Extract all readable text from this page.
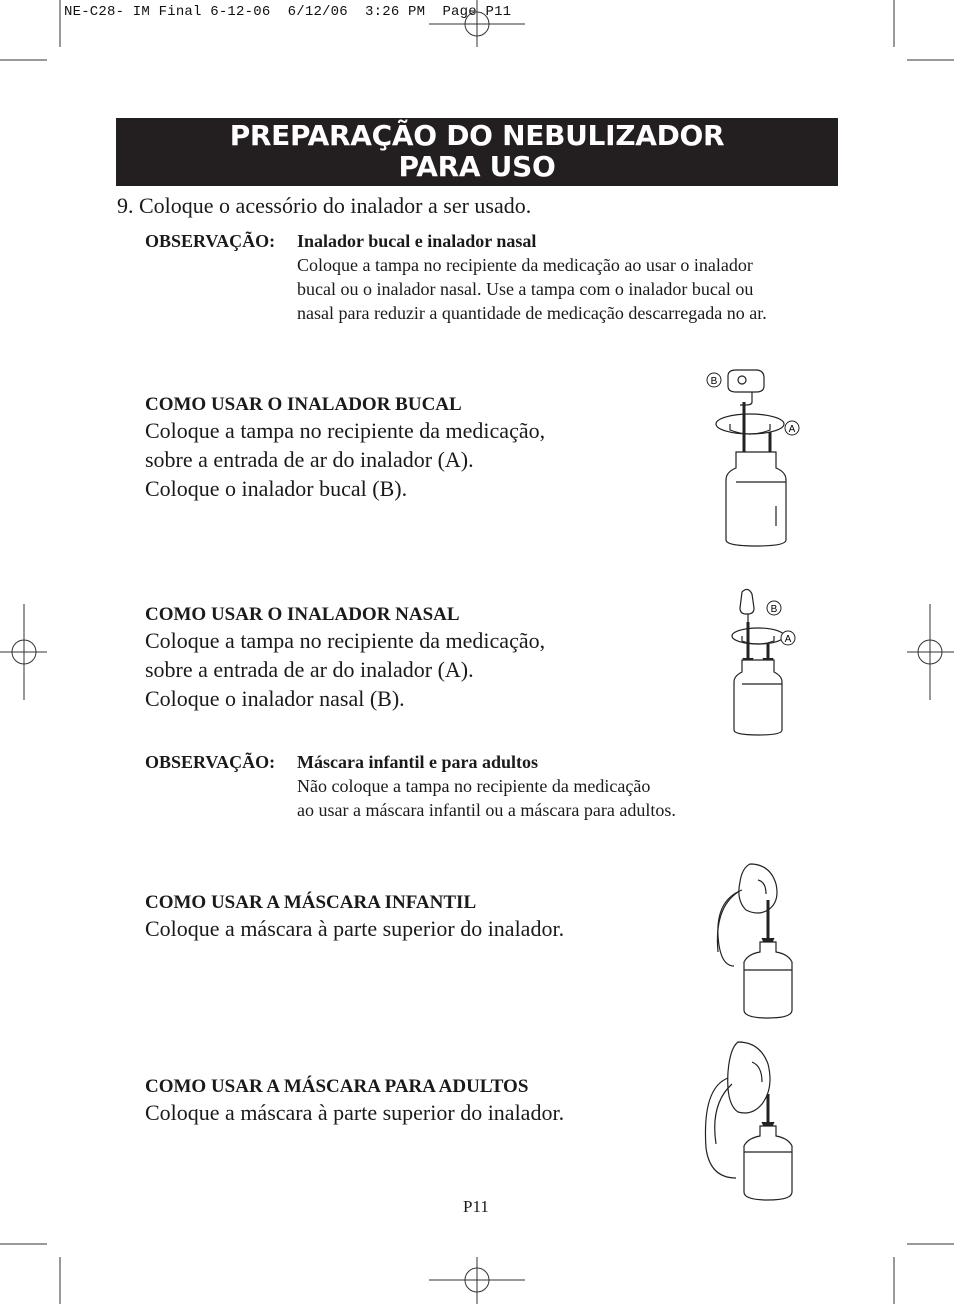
NE-C28- IM Final 6-12-06  6/12/06  3:26 PM  Page P11
PREPARAÇÃO DO NEBULIZADOR
PARA USO
9. Coloque o acessório do inalador a ser usado.
OBSERVAÇÃO: Inalador bucal e inalador nasal
Coloque a tampa no recipiente da medicação ao usar o inalador
bucal ou o inalador nasal. Use a tampa com o inalador bucal ou
nasal para reduzir a quantidade de medicação descarregada no ar.
COMO USAR O INALADOR BUCAL
Coloque a tampa no recipiente da medicação,
sobre a entrada de ar do inalador (A).
Coloque o inalador bucal (B).
B
A
COMO USAR O INALADOR NASAL
Coloque a tampa no recipiente da medicação,
sobre a entrada de ar do inalador (A).
Coloque o inalador nasal (B).
B
A
OBSERVAÇÃO: Máscara infantil e para adultos
Não coloque a tampa no recipiente da medicação
ao usar a máscara infantil ou a máscara para adultos.
COMO USAR A MÁSCARA INFANTIL
Coloque a máscara à parte superior do inalador.
COMO USAR A MÁSCARA PARA ADULTOS
Coloque a máscara à parte superior do inalador.
P11
